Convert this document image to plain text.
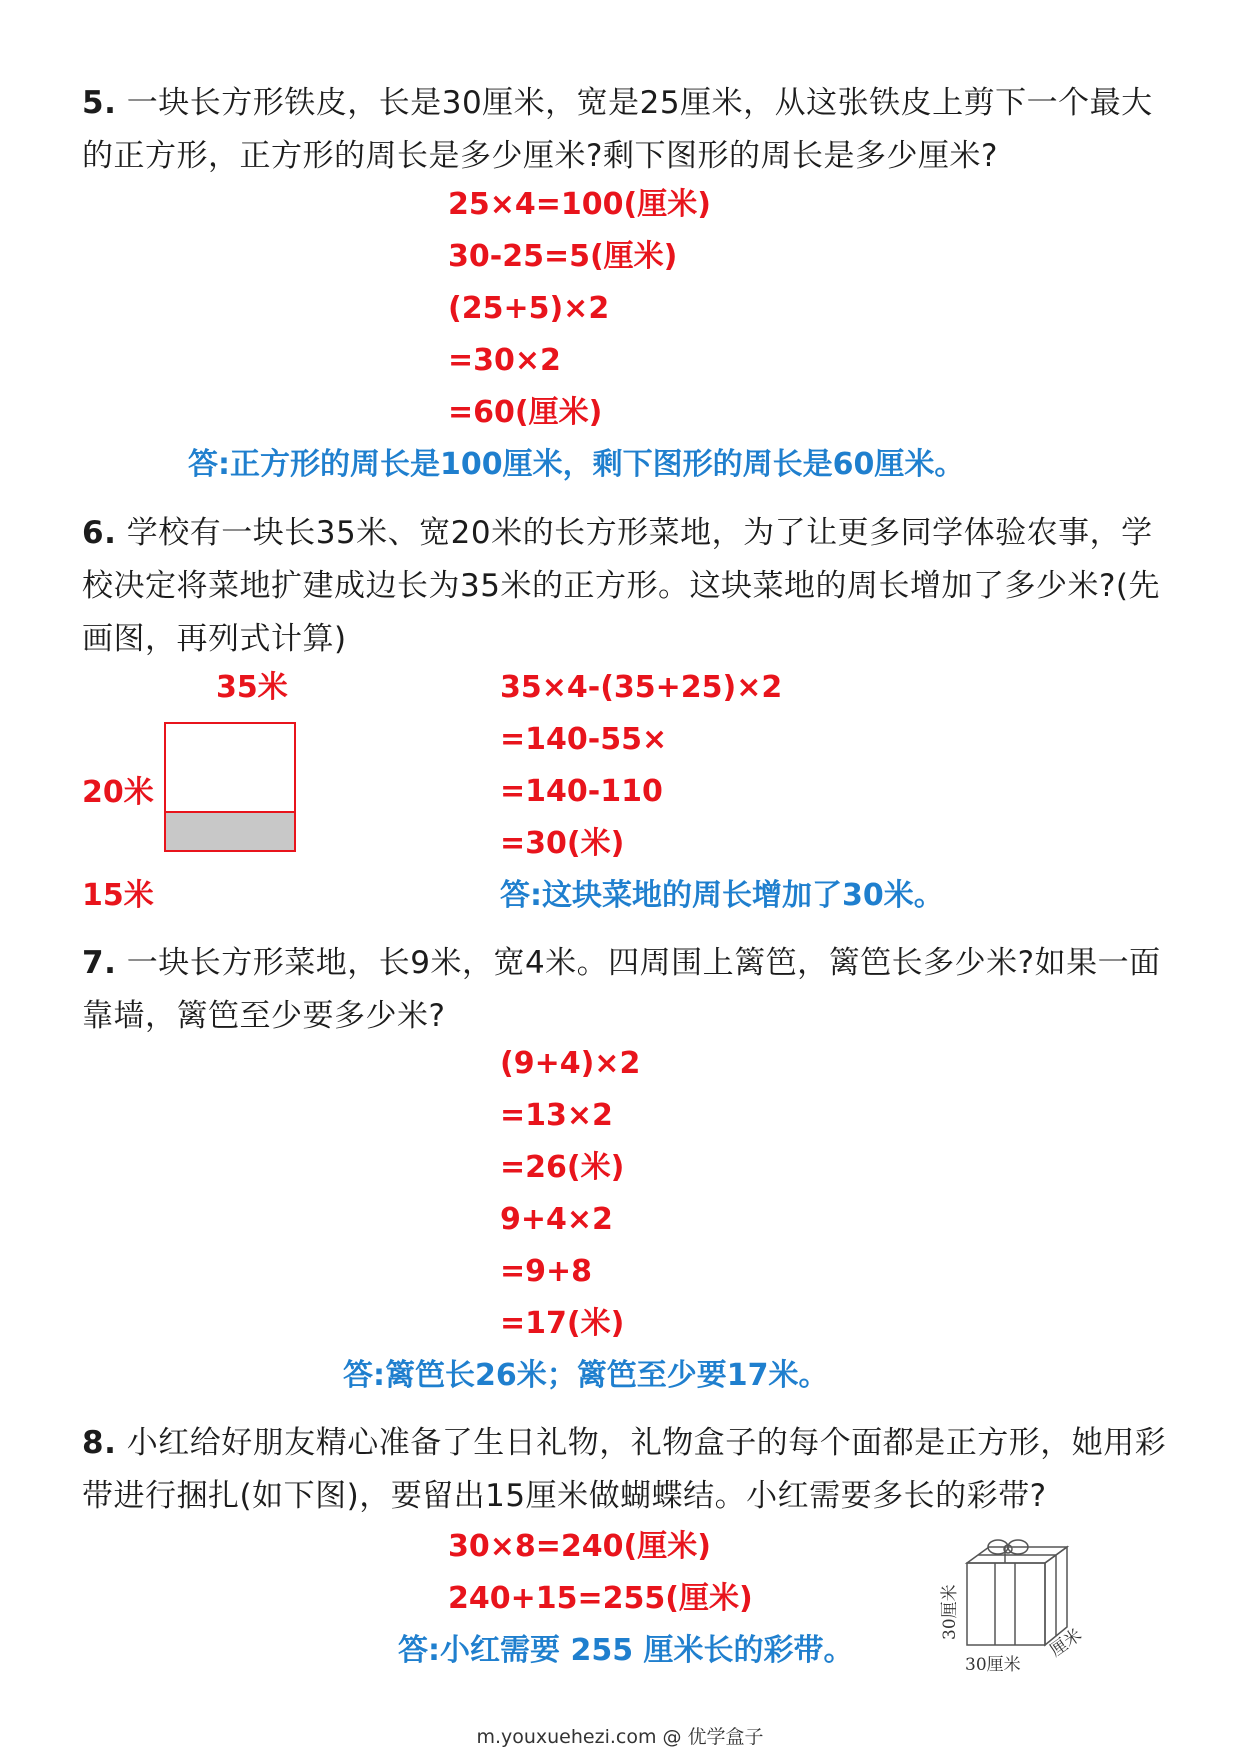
5. 一块长方形铁皮，长是30厘米，宽是25厘米，从这张铁皮上剪下一个最大的正方形，正方形的周长是多少厘米?剩下图形的周长是多少厘米?
25×4=100(厘米)
30-25=5(厘米)
(25+5)×2
=30×2
=60(厘米)
答:正方形的周长是100厘米，剩下图形的周长是60厘米。
6. 学校有一块长35米、宽20米的长方形菜地，为了让更多同学体验农事，学校决定将菜地扩建成边长为35米的正方形。这块菜地的周长增加了多少米?(先画图，再列式计算)
35米
20米
15米
35×4-(35+25)×2
=140-55×
=140-110
=30(米)
答:这块菜地的周长增加了30米。
7. 一块长方形菜地，长9米，宽4米。四周围上篱笆，篱笆长多少米?如果一面靠墙，篱笆至少要多少米?
(9+4)×2
=13×2
=26(米)
9+4×2
=9+8
=17(米)
答:篱笆长26米；篱笆至少要17米。
8. 小红给好朋友精心准备了生日礼物，礼物盒子的每个面都是正方形，她用彩带进行捆扎(如下图)，要留出15厘米做蝴蝶结。小红需要多长的彩带?
30×8=240(厘米)
240+15=255(厘米)
答:小红需要 255 厘米长的彩带。
30厘米
30厘米
厘米
m.youxuehezi.com @ 优学盒子
